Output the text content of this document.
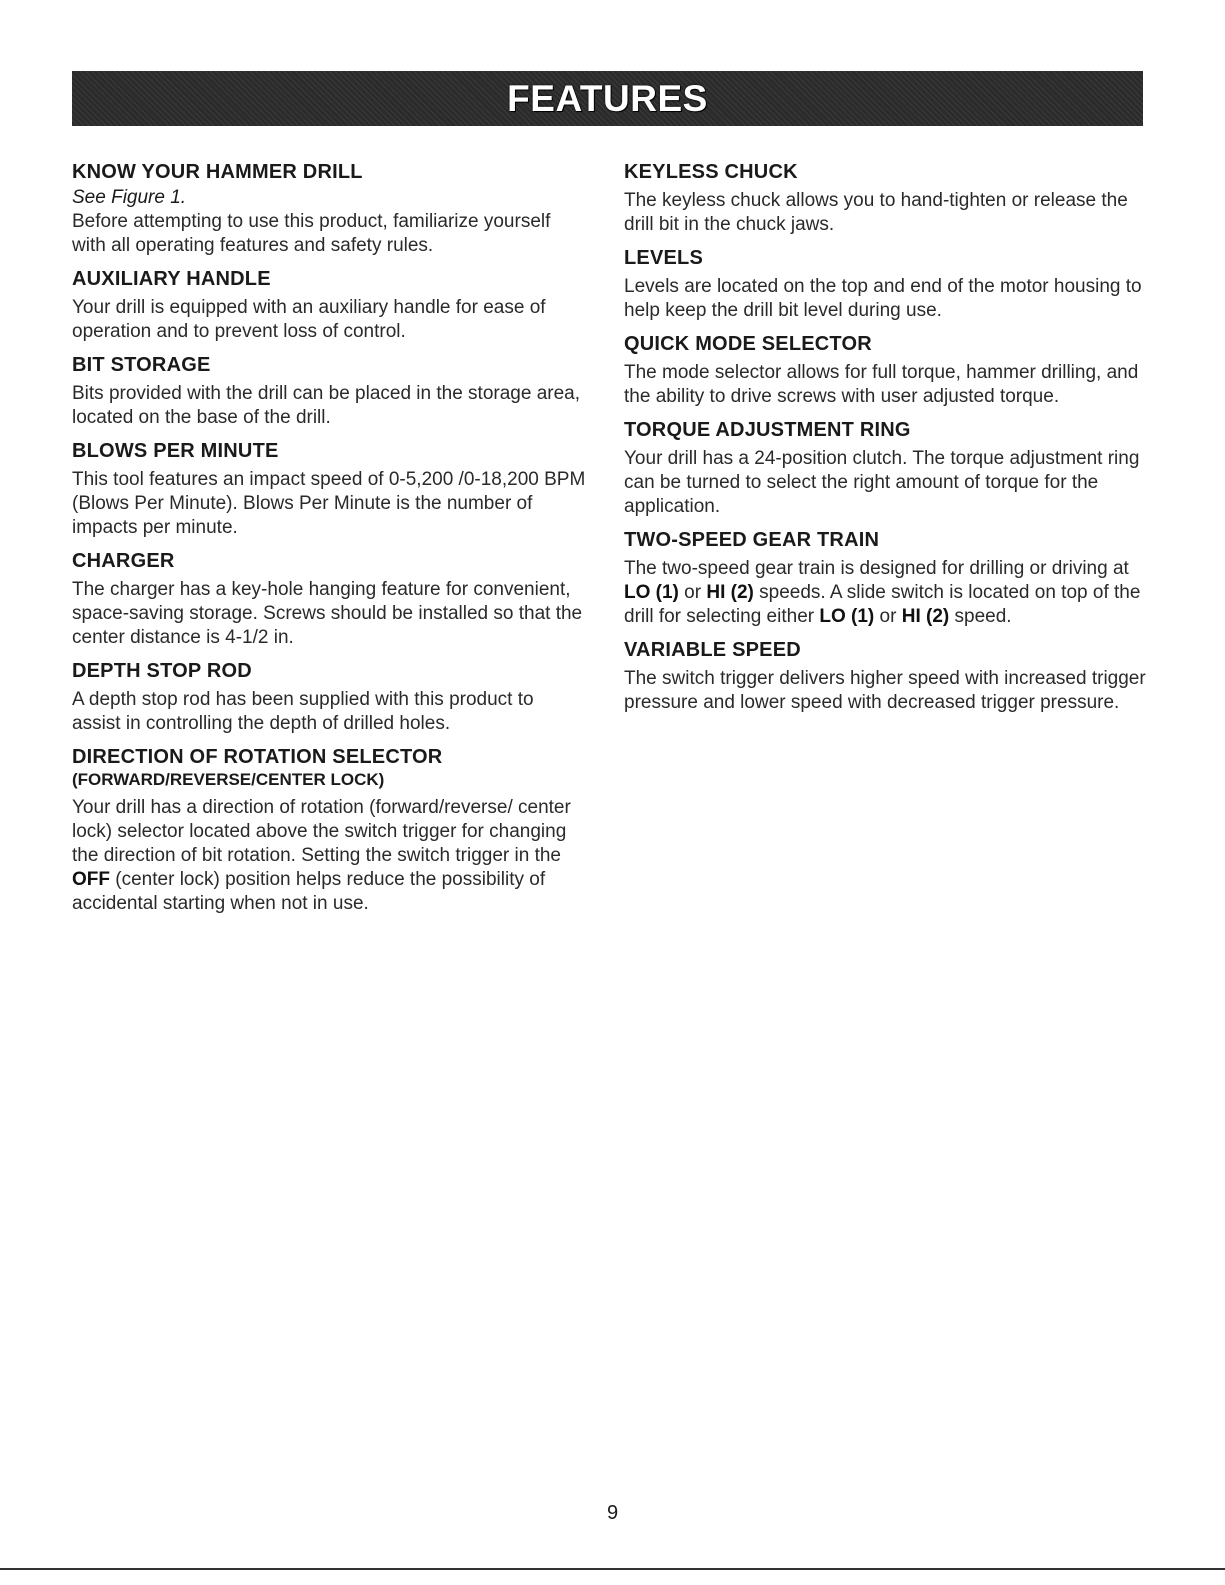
FEATURES
KNOW YOUR HAMMER DRILL
See Figure 1.

Before attempting to use this product, familiarize yourself with all operating features and safety rules.

AUXILIARY HANDLE

Your drill is equipped with an auxiliary handle for ease of operation and to prevent loss of control.

BIT STORAGE

Bits provided with the drill can be placed in the storage area, located on the base of the drill.

BLOWS PER MINUTE

This tool features an impact speed of 0-5,200 /0-18,200 BPM (Blows Per Minute). Blows Per Minute is the number of impacts per minute.

CHARGER

The charger has a key-hole hanging feature for convenient, space-saving storage. Screws should be installed so that the center distance is 4-1/2 in.

DEPTH STOP ROD

A depth stop rod has been supplied with this product to assist in controlling the depth of drilled holes.

DIRECTION OF ROTATION SELECTOR
(FORWARD/REVERSE/CENTER LOCK)

Your drill has a direction of rotation (forward/reverse/ center lock) selector located above the switch trigger for changing the direction of bit rotation. Setting the switch trigger in the OFF (center lock) position helps reduce the possibility of accidental starting when not in use.

KEYLESS CHUCK

The keyless chuck allows you to hand-tighten or release the drill bit in the chuck jaws.

LEVELS

Levels are located on the top and end of the motor housing to help keep the drill bit level during use.

QUICK MODE SELECTOR

The mode selector allows for full torque, hammer drilling, and the ability to drive screws with user adjusted torque.

TORQUE ADJUSTMENT RING

Your drill has a 24-position clutch. The torque adjustment ring can be turned to select the right amount of torque for the application.

TWO-SPEED GEAR TRAIN

The two-speed gear train is designed for drilling or driving at LO (1) or HI (2) speeds. A slide switch is located on top of the drill for selecting either LO (1) or HI (2) speed.

VARIABLE SPEED

The switch trigger delivers higher speed with increased trigger pressure and lower speed with decreased trigger pressure.

9
